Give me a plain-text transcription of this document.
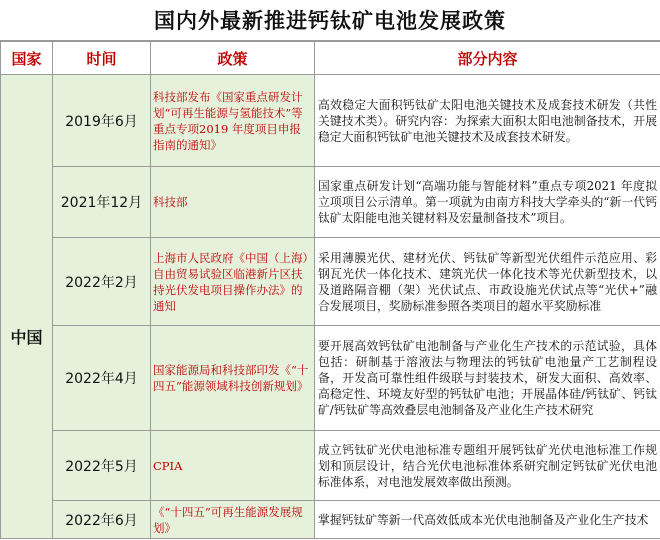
国内外最新推进钙钛矿电池发展政策
国家	时间	政策	部分内容
中国	2019年6月	科技部发布《国家重点研发计划“可再生能源与氢能技术”等重点专项2019 年度项目申报指南的通知》	高效稳定大面积钙钛矿太阳电池关键技术及成套技术研发（共性关键技术类）。研究内容：为探索大面积太阳电池制备技术，开展稳定大面积钙钛矿电池关键技术及成套技术研发。
	2021年12月	科技部	国家重点研发计划“高端功能与智能材料”重点专项2021 年度拟立项项目公示清单。第一项就为由南方科技大学牵头的“新一代钙钛矿太阳能电池关键材料及宏量制备技术”项目。
	2022年2月	上海市人民政府《中国（上海）自由贸易试验区临港新片区扶持光伏发电项目操作办法》的通知	采用薄膜光伏、建材光伏、钙钛矿等新型光伏组件示范应用、彩钢瓦光伏一体化技术、建筑光伏一体化技术等光伏新型技术，以及道路隔音棚（架）光伏试点、市政设施光伏试点等“光伏+”融合发展项目，奖励标准参照各类项目的超水平奖励标准
	2022年4月	国家能源局和科技部印发《“十四五”能源领域科技创新规划》	要开展高效钙钛矿电池制备与产业化生产技术的示范试验，具体包括：研制基于溶液法与物理法的钙钛矿电池量产工艺制程设备，开发高可靠性组件级联与封装技术，研发大面积、高效率、高稳定性、环境友好型的钙钛矿电池；开展晶体硅/钙钛矿、钙钛矿/钙钛矿等高效叠层电池制备及产业化生产技术研究
	2022年5月	CPIA	成立钙钛矿光伏电池标准专题组开展钙钛矿光伏电池标准工作规划和顶层设计，结合光伏电池标准体系研究制定钙钛矿光伏电池标准体系，对电池发展效率做出预测。
	2022年6月	《“十四五”可再生能源发展规划》	掌握钙钛矿等新一代高效低成本光伏电池制备及产业化生产技术
